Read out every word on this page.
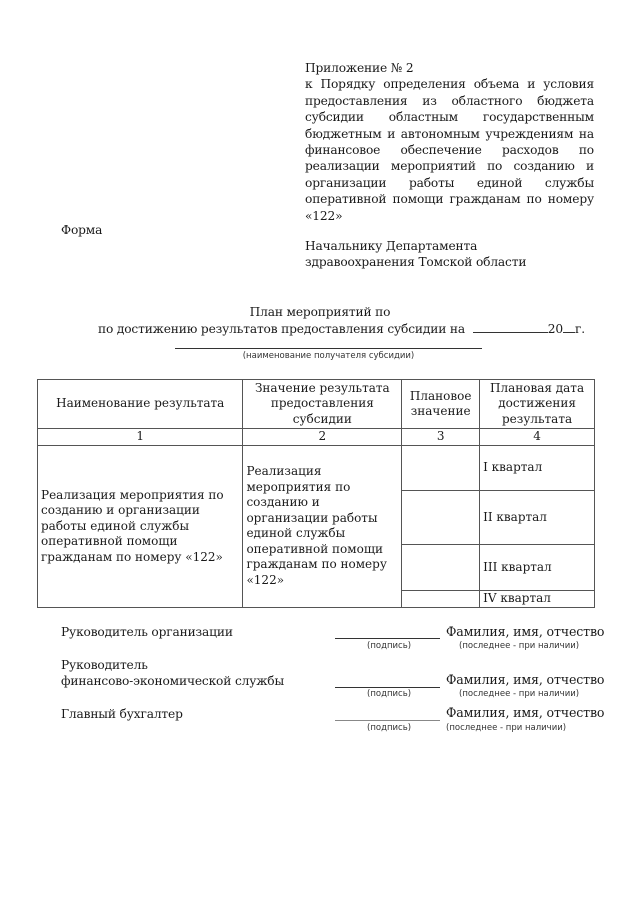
Приложение № 2
к Порядку определения объема и условия
предоставления из областного бюджета
субсидии областным государственным
бюджетным и автономным учреждениям на
финансовое обеспечение расходов по
реализации мероприятий по созданию и
организации работы единой службы
оперативной помощи гражданам по номеру
«122»
Форма
Начальнику Департамента
здравоохранения Томской области
План мероприятий по
по достижению результатов предоставления субсидии на	20 г.
(наименование получателя субсидии)
Наименование результата	Значение результата предоставления субсидии	Плановое значение	Плановая дата достижения результата
1	2	3	4
Реализация мероприятия по созданию и организации работы единой службы оперативной помощи гражданам по номеру «122»	Реализация мероприятия по созданию и организации работы единой службы оперативной помощи гражданам по номеру «122»		I квартал
			II квартал
			III квартал
			IV квартал
Руководитель организации
(подпись)
Фамилия, имя, отчество
(последнее - при наличии)
Руководитель
финансово-экономической службы
(подпись)
Фамилия, имя, отчество
(последнее - при наличии)
Главный бухгалтер
(подпись)
Фамилия, имя, отчество
(последнее - при наличии)
